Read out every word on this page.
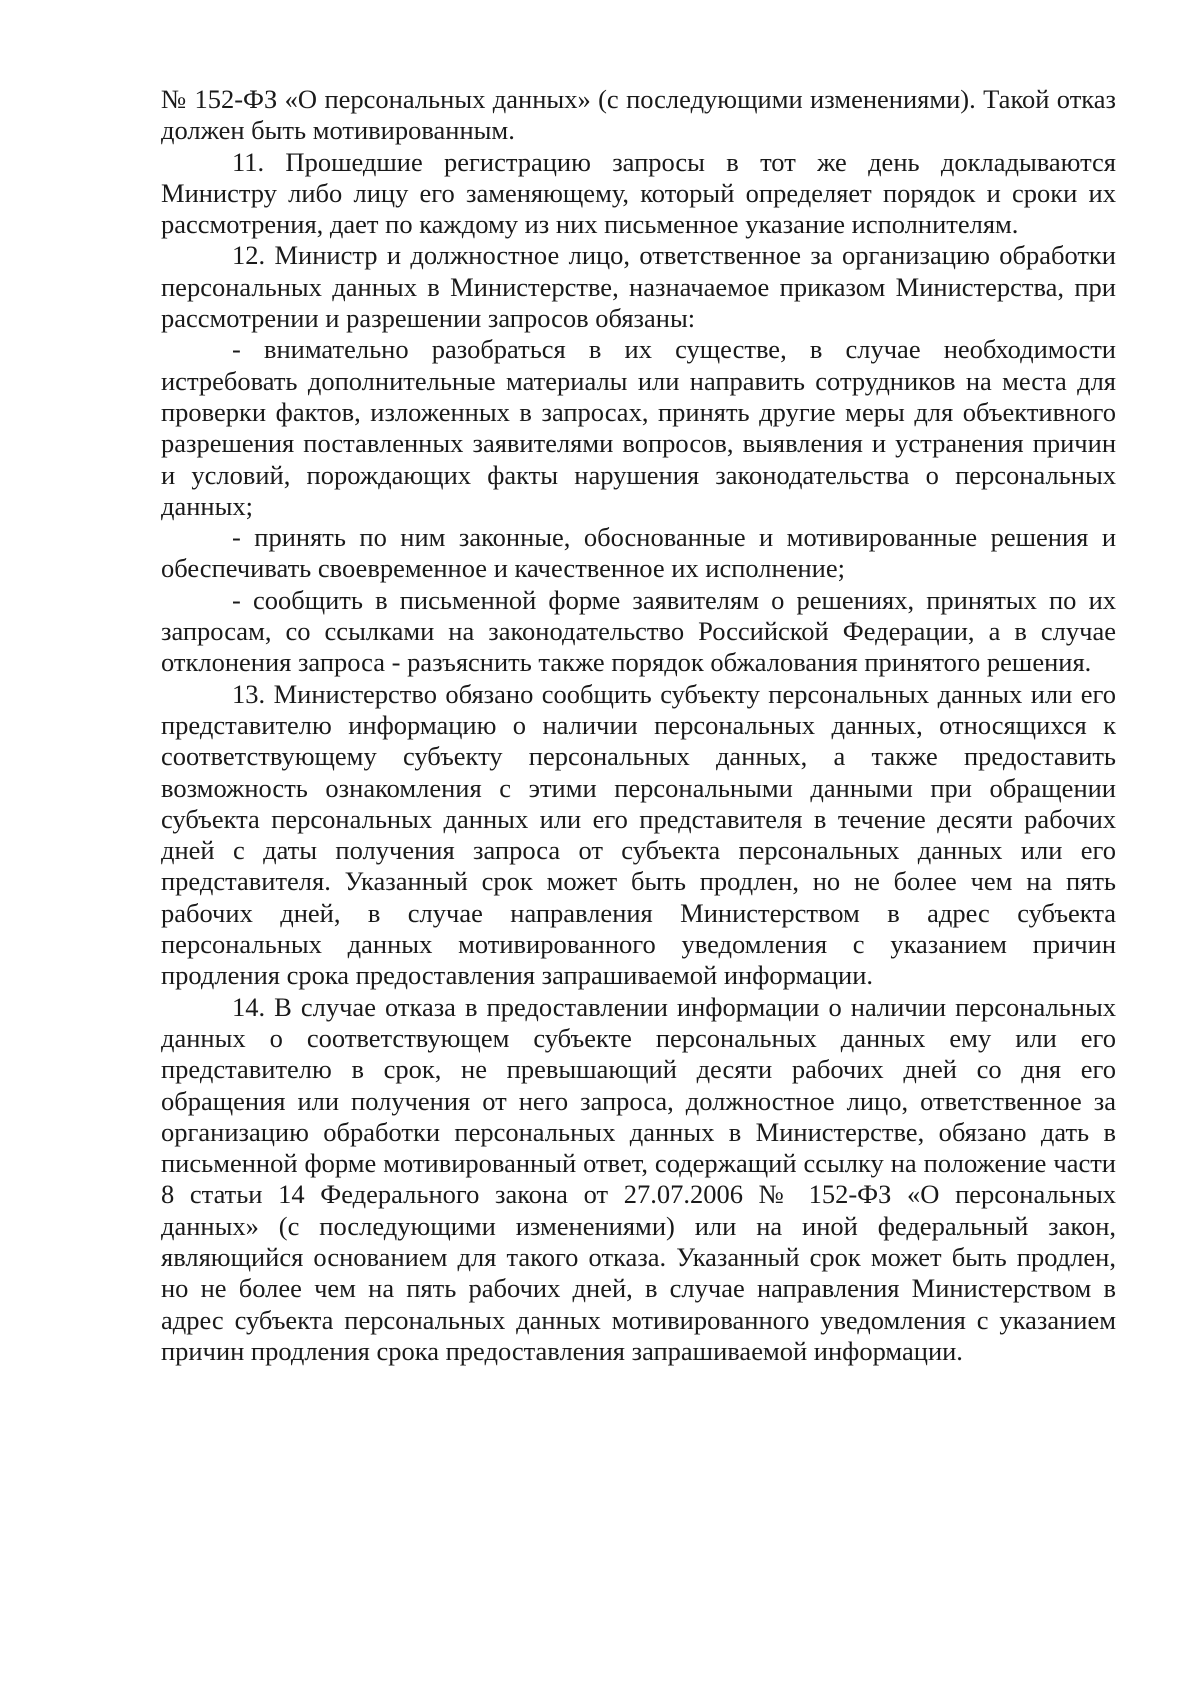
№ 152-ФЗ «О персональных данных» (с последующими изменениями). Такой отказ должен быть мотивированным.

11. Прошедшие регистрацию запросы в тот же день докладываются Министру либо лицу его заменяющему, который определяет порядок и сроки их рассмотрения, дает по каждому из них письменное указание исполнителям.

12. Министр и должностное лицо, ответственное за организацию обработки персональных данных в Министерстве, назначаемое приказом Министерства, при рассмотрении и разрешении запросов обязаны:

- внимательно разобраться в их существе, в случае необходимости истребовать дополнительные материалы или направить сотрудников на места для проверки фактов, изложенных в запросах, принять другие меры для объективного разрешения поставленных заявителями вопросов, выявления и устранения причин и условий, порождающих факты нарушения законодательства о персональных данных;

- принять по ним законные, обоснованные и мотивированные решения и обеспечивать своевременное и качественное их исполнение;

- сообщить в письменной форме заявителям о решениях, принятых по их запросам, со ссылками на законодательство Российской Федерации, а в случае отклонения запроса - разъяснить также порядок обжалования принятого решения.

13. Министерство обязано сообщить субъекту персональных данных или его представителю информацию о наличии персональных данных, относящихся к соответствующему субъекту персональных данных, а также предоставить возможность ознакомления с этими персональными данными при обращении субъекта персональных данных или его представителя в течение десяти рабочих дней с даты получения запроса от субъекта персональных данных или его представителя. Указанный срок может быть продлен, но не более чем на пять рабочих дней, в случае направления Министерством в адрес субъекта персональных данных мотивированного уведомления с указанием причин продления срока предоставления запрашиваемой информации.

14. В случае отказа в предоставлении информации о наличии персональных данных о соответствующем субъекте персональных данных ему или его представителю в срок, не превышающий десяти рабочих дней со дня его обращения или получения от него запроса, должностное лицо, ответственное за организацию обработки персональных данных в Министерстве, обязано дать в письменной форме мотивированный ответ, содержащий ссылку на положение части 8 статьи 14 Федерального закона от 27.07.2006 № 152-ФЗ «О персональных данных» (с последующими изменениями) или на иной федеральный закон, являющийся основанием для такого отказа. Указанный срок может быть продлен, но не более чем на пять рабочих дней, в случае направления Министерством в адрес субъекта персональных данных мотивированного уведомления с указанием причин продления срока предоставления запрашиваемой информации.
